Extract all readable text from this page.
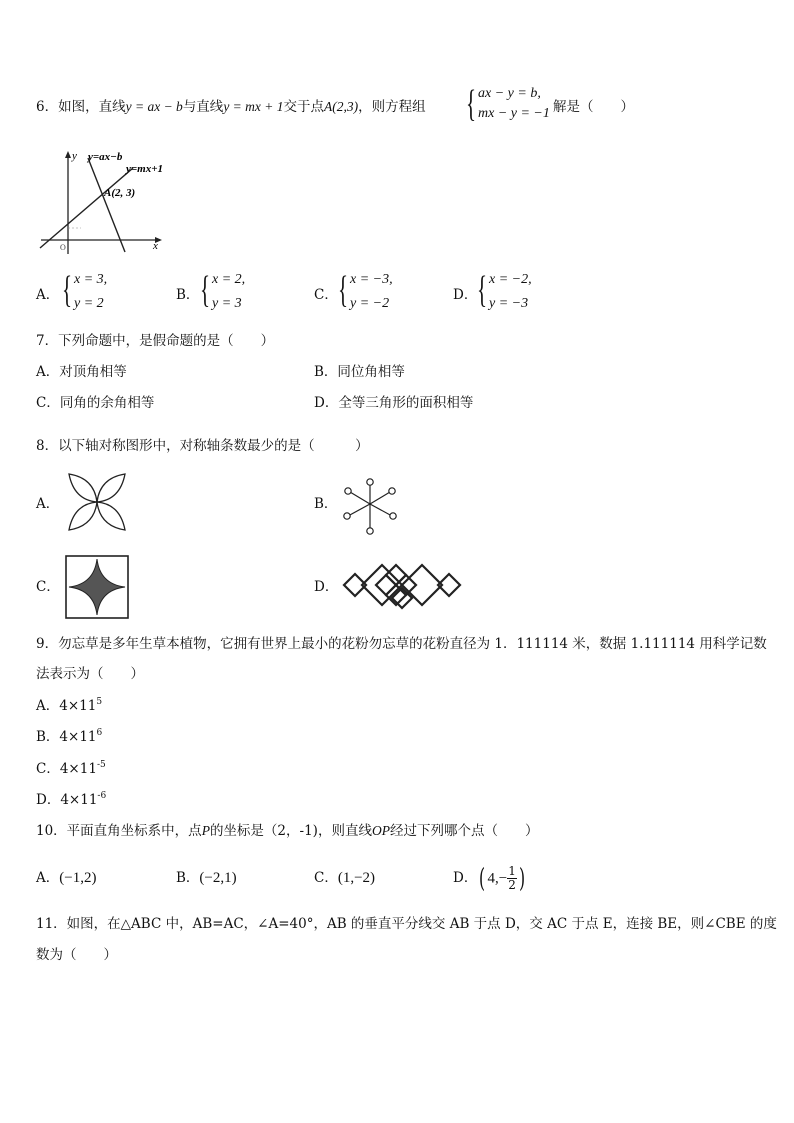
6．如图，直线y = ax − b与直线y = mx + 1交于点A(2,3)，则方程组 { ax − y = b,
mx − y = −1 解是（　　）
y y=ax−b
y=mx+1
A(2, 3)
x
O
A． { x = 3,
y = 2
B． { x = 2,
y = 3
C． { x = −3,
y = −2
D． { x = −2,
y = −3
7．下列命题中，是假命题的是（　　）
A．对顶角相等	B．同位角相等
C．同角的余角相等	D．全等三角形的面积相等
8．以下轴对称图形中，对称轴条数最少的是（　　　）
A．	B．
C．	D．
9．勿忘草是多年生草本植物，它拥有世界上最小的花粉勿忘草的花粉直径为 1．111114 米，数据 1.111114 用科学记数
法表示为（　　）
A．$4\times 11^5$
B．$4\times 11^6$
C．$4\times 11^{-5}$
D．$4\times 11^{-6}$
10．平面直角坐标系中，点P的坐标是（2，-1)，则直线OP经过下列哪个点（　　）
A．(−1,2)	B．(−2,1)	C．(1,−2)	D．( $4,- \frac{1}{2}$ )
11．如图，在△ABC 中，AB=AC，∠A=40°，AB 的垂直平分线交 AB 于点 D，交 AC 于点 E，连接 BE，则∠CBE 的度
数为（　　）
